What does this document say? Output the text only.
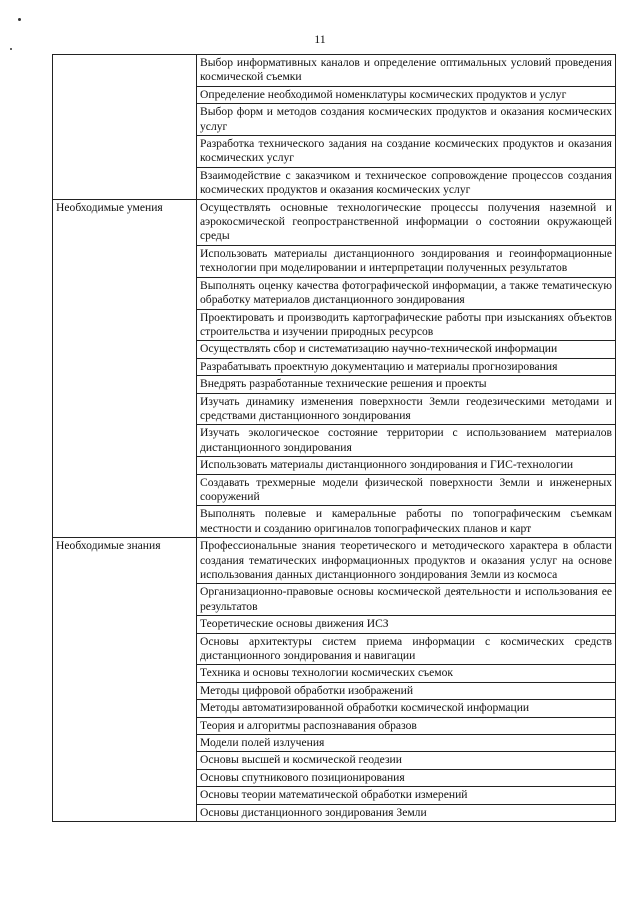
11
	Выбор информативных каналов и определение оптимальных условий проведения космической съемки
	Определение необходимой номенклатуры космических продуктов и услуг
	Выбор форм и методов создания космических продуктов и оказания космических услуг
	Разработка технического задания на создание космических продуктов и оказания космических услуг
	Взаимодействие с заказчиком и техническое сопровождение процессов создания космических продуктов и оказания космических услуг
Необходимые умения	Осуществлять основные технологические процессы получения наземной и аэрокосмической геопространственной информации о состоянии окружающей среды
	Использовать материалы дистанционного зондирования и геоинформационные технологии при моделировании и интерпретации полученных результатов
	Выполнять оценку качества фотографической информации, а также тематическую обработку материалов дистанционного зондирования
	Проектировать и производить картографические работы при изысканиях объектов строительства и изучении природных ресурсов
	Осуществлять сбор и систематизацию научно-технической информации
	Разрабатывать проектную документацию и материалы прогнозирования
	Внедрять разработанные технические решения и проекты
	Изучать динамику изменения поверхности Земли геодезическими методами и средствами дистанционного зондирования
	Изучать экологическое состояние территории с использованием материалов дистанционного зондирования
	Использовать материалы дистанционного зондирования и ГИС-технологии
	Создавать трехмерные модели физической поверхности Земли и инженерных сооружений
	Выполнять полевые и камеральные работы по топографическим съемкам местности и созданию оригиналов топографических планов и карт
Необходимые знания	Профессиональные знания теоретического и методического характера в области создания тематических информационных продуктов и оказания услуг на основе использования данных дистанционного зондирования Земли из космоса
	Организационно-правовые основы космической деятельности и использования ее результатов
	Теоретические основы движения ИСЗ
	Основы архитектуры систем приема информации с космических средств дистанционного зондирования и навигации
	Техника и основы технологии космических съемок
	Методы цифровой обработки изображений
	Методы автоматизированной обработки космической информации
	Теория и алгоритмы распознавания образов
	Модели полей излучения
	Основы высшей и космической геодезии
	Основы спутникового позиционирования
	Основы теории математической обработки измерений
	Основы дистанционного зондирования Земли
